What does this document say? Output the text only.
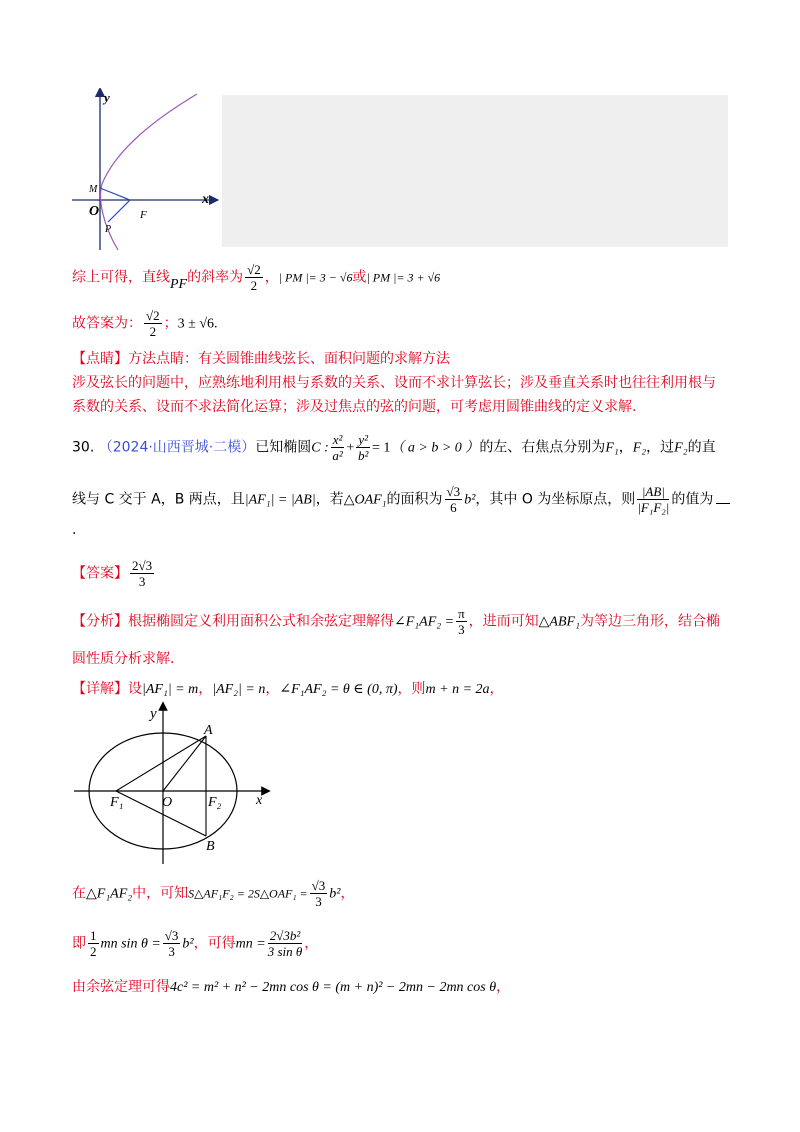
y
x
O
M
P
F
综上可得，直线PF的斜率为 $\frac{√2}{2}$ ，| PM |= 3 − √6或| PM |= 3 + √6
故答案为： $\frac{√2}{2}$ ；3 ± √6.
【点睛】方法点睛：有关圆锥曲线弦长、面积问题的求解方法
涉及弦长的问题中，应熟练地利用根与系数的关系、设而不求计算弦长；涉及垂直关系时也往往利用根与
系数的关系、设而不求法简化运算；涉及过焦点的弦的问题，可考虑用圆锥曲线的定义求解.
30. （2024·山西晋城·二模）已知椭圆C : $\frac{\text{x²}}{\text{a²}} + \frac{\text{y²}}{\text{b²}} = 1$（ a > b > 0 ）的左、右焦点分别为F₁，F₂，过F₂的直
线与 C 交于 A，B 两点，且|AF₁| = |AB|，若△OAF₁的面积为 $\frac{√3}{6} b^2$，其中 O 为坐标原点，则 $\frac{|AB|}{\text{|F₁F₂|}}$ 的值为
.
【答案】 $\frac{2√3}{3}$
【分析】根据椭圆定义利用面积公式和余弦定理解得∠F₁AF₂ = $\frac{\pi}{3}$ ，进而可知△ABF₁为等边三角形，结合椭
圆性质分析求解.
【详解】设|AF₁| = m，|AF₂| = n，∠F₁AF₂ = θ ∈ (0, π)，则m + n = 2a，
y
x
A
B
O
F₁	F₂
在△F₁AF₂中，可知S△AF₁F₂ = 2S△OAF₁ = $\frac{√3}{3} b^2$，
即 $\frac{1}{2}$ mn $\sin \theta = \frac{√3}{3} b^2$，可得mn = $\frac{\text{2√3b²}}{\text{3 sin θ}}$ ，
由余弦定理可得4c² = m² + n² − 2mn cos θ = (m + n)² − 2mn − 2mn cos θ，
